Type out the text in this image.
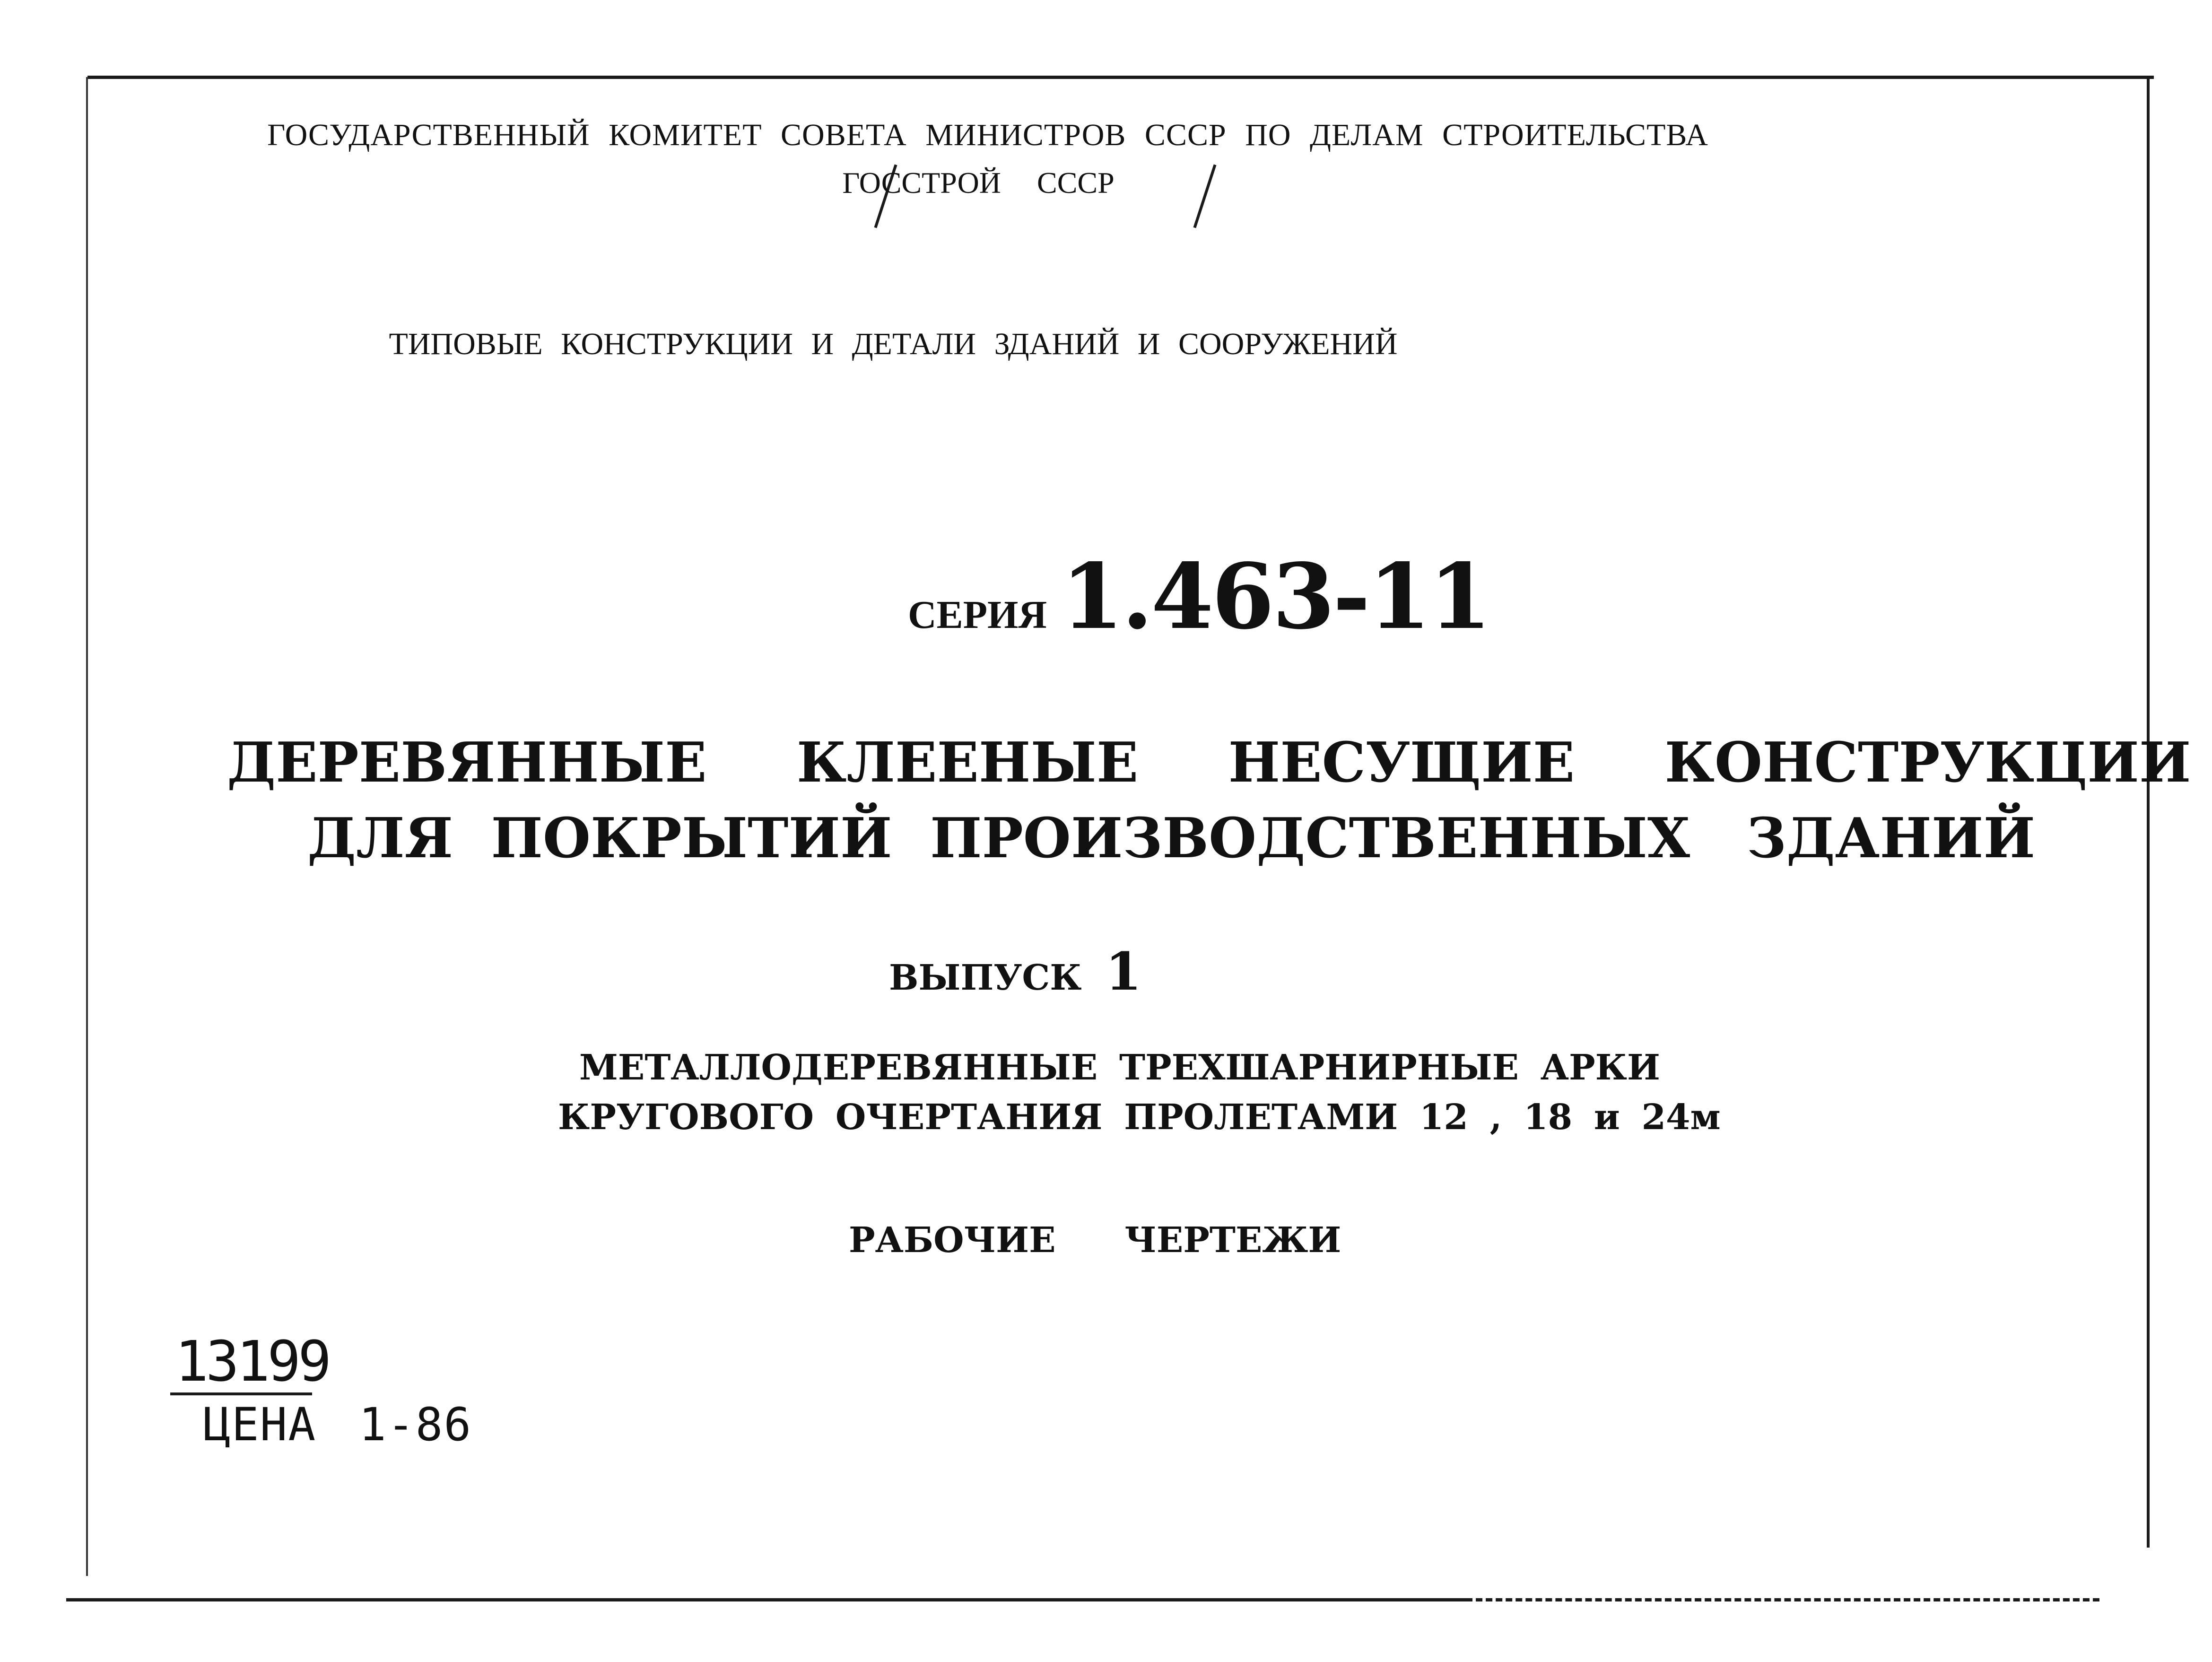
ГОСУДАРСТВЕННЫЙ КОМИТЕТ СОВЕТА МИНИСТРОВ СССР ПО ДЕЛАМ СТРОИТЕЛЬСТВА
ГОССТРОЙ СССР
ТИПОВЫЕ КОНСТРУКЦИИ И ДЕТАЛИ ЗДАНИЙ И СООРУЖЕНИЙ
СЕРИЯ 1.463-11
ДЕРЕВЯННЫЕ КЛЕЕНЫЕ НЕСУЩИЕ КОНСТРУКЦИИ
ДЛЯ ПОКРЫТИЙ ПРОИЗВОДСТВЕННЫХ ЗДАНИЙ
ВЫПУСК 1
МЕТАЛЛОДЕРЕВЯННЫЕ ТРЕХШАРНИРНЫЕ АРКИ
КРУГОВОГО ОЧЕРТАНИЯ ПРОЛЕТАМИ 12 , 18 и 24м
РАБОЧИЕ ЧЕРТЕЖИ
13199
ЦЕНА 1-86
